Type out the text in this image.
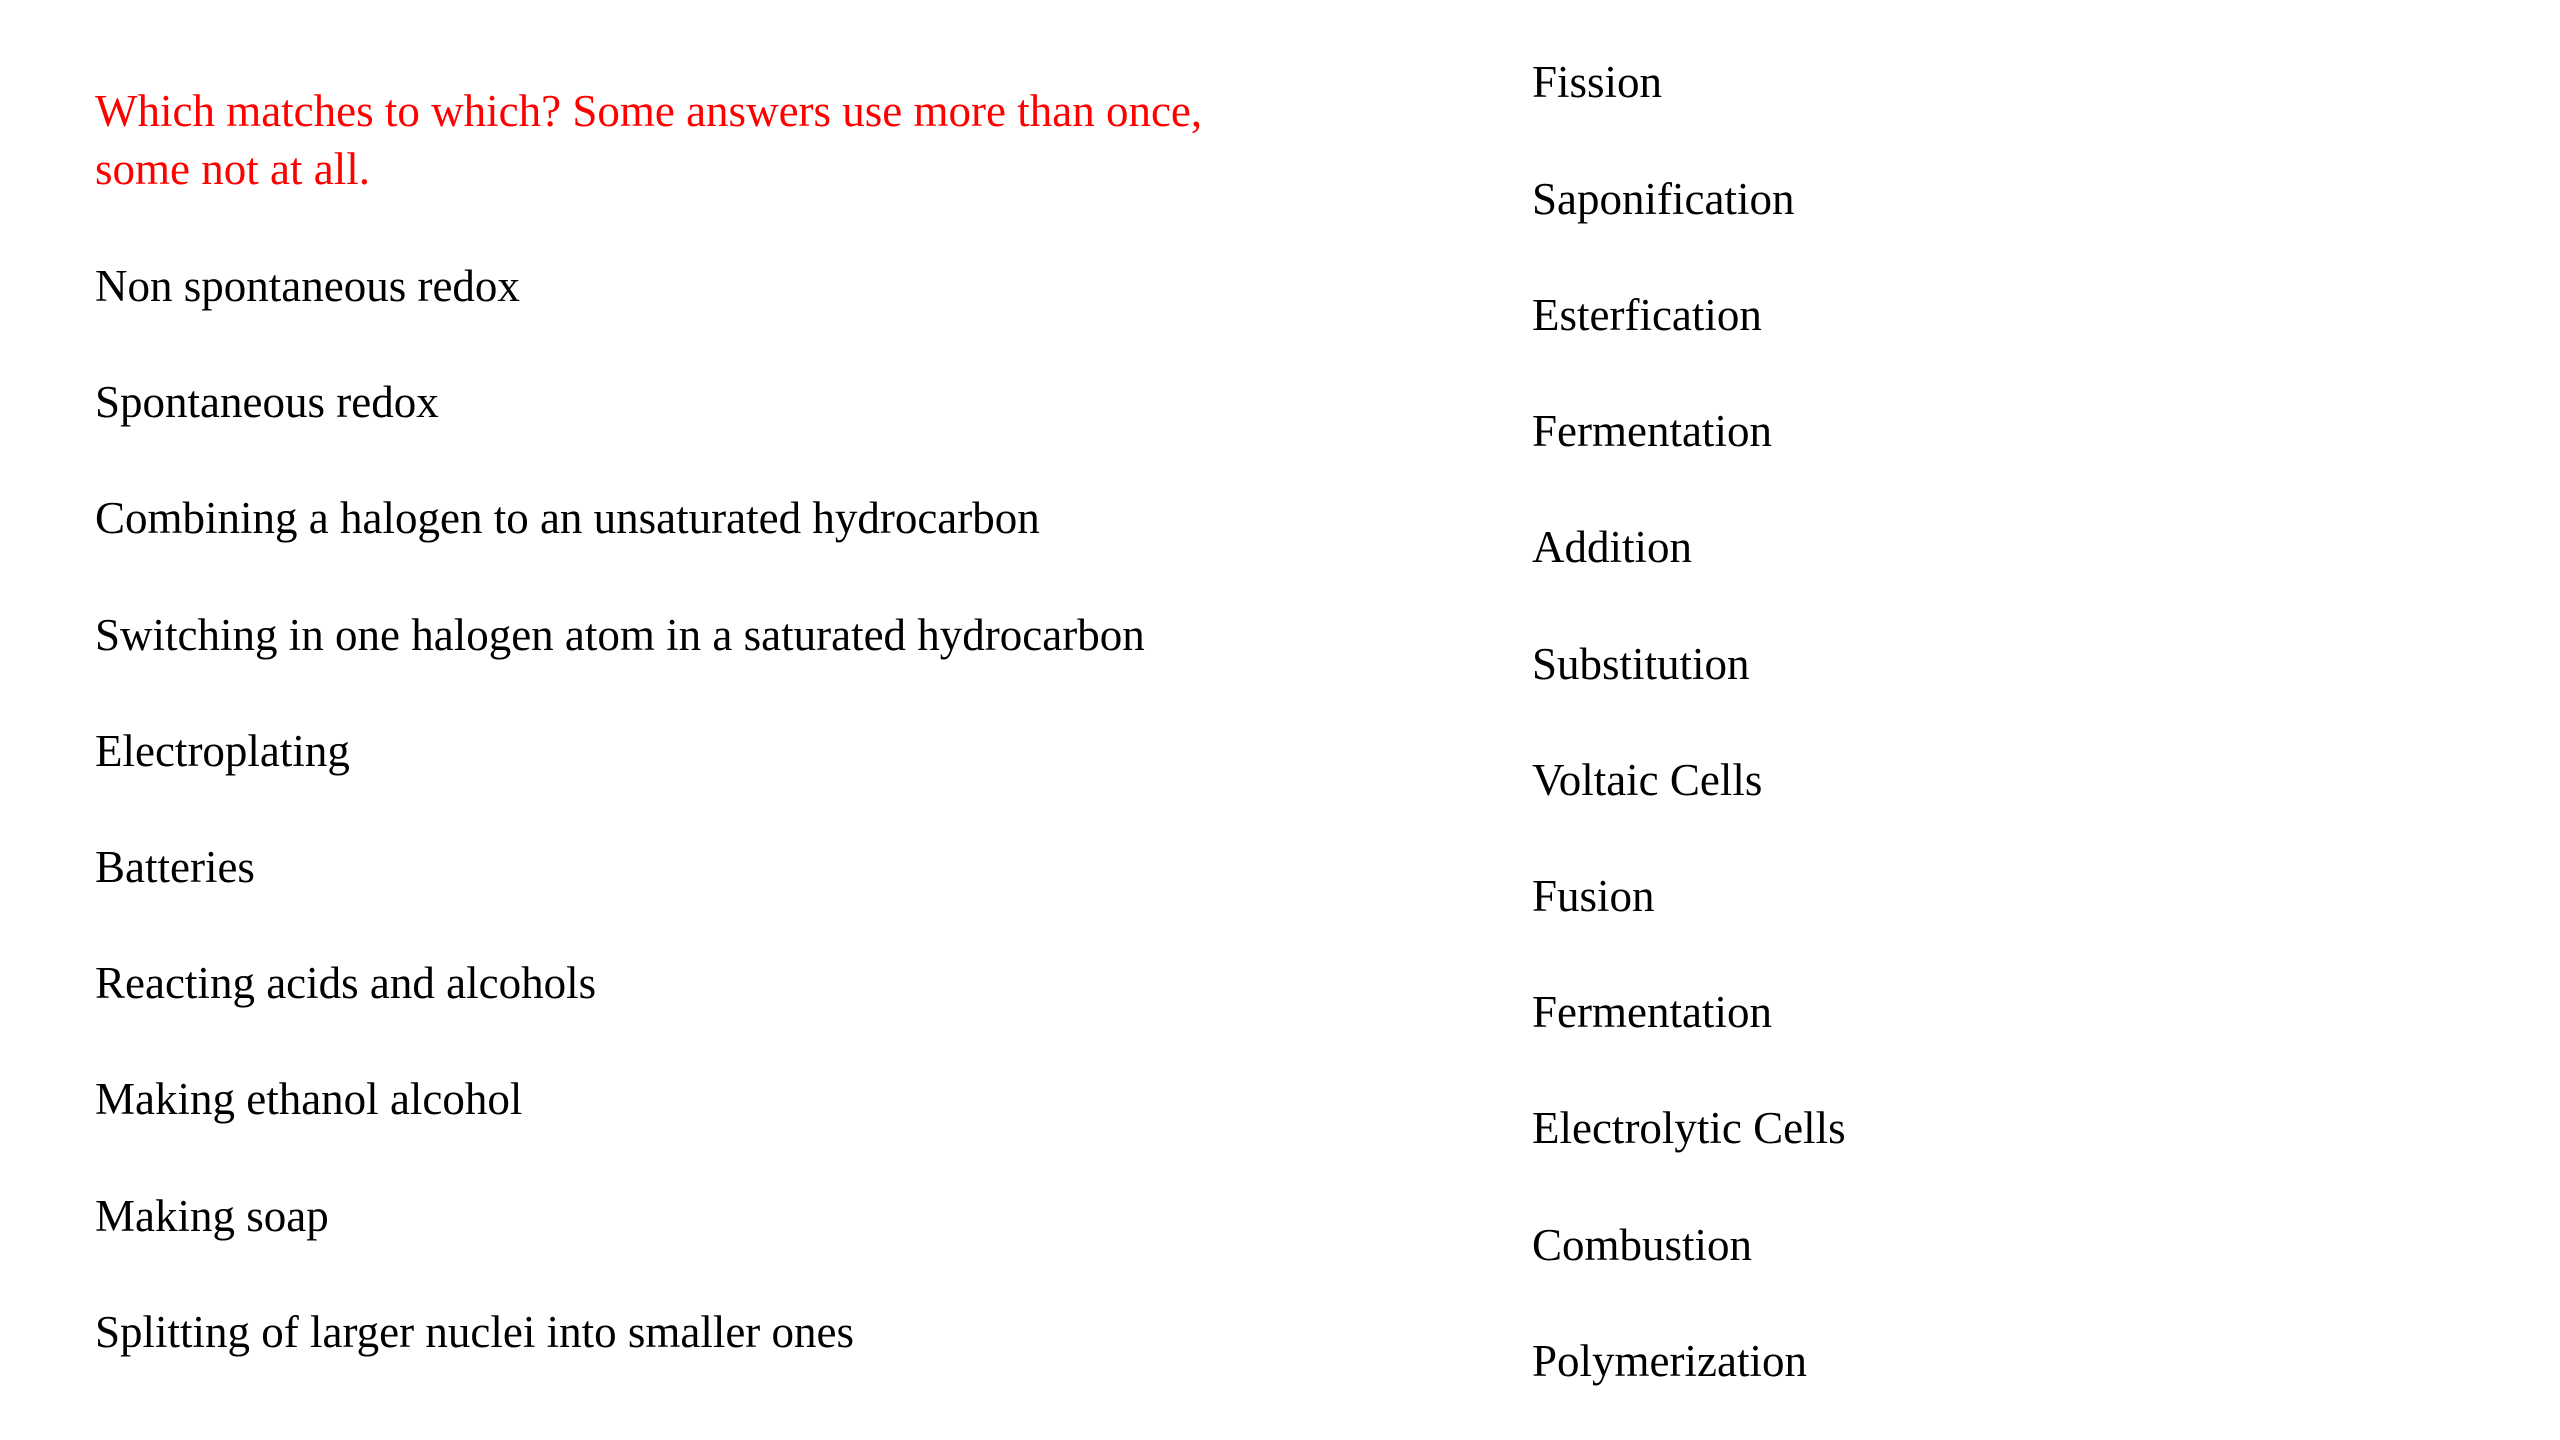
Which matches to which? Some answers use more than once, some not at all.

Non spontaneous redox
Spontaneous redox
Combining a halogen to an unsaturated hydrocarbon
Switching in one halogen atom in a saturated hydrocarbon
Electroplating
Batteries
Reacting acids and alcohols
Making ethanol alcohol
Making soap
Splitting of larger nuclei into smaller ones
Fission
Saponification
Esterfication
Fermentation
Addition
Substitution
Voltaic Cells
Fusion
Fermentation
Electrolytic Cells
Combustion
Polymerization
